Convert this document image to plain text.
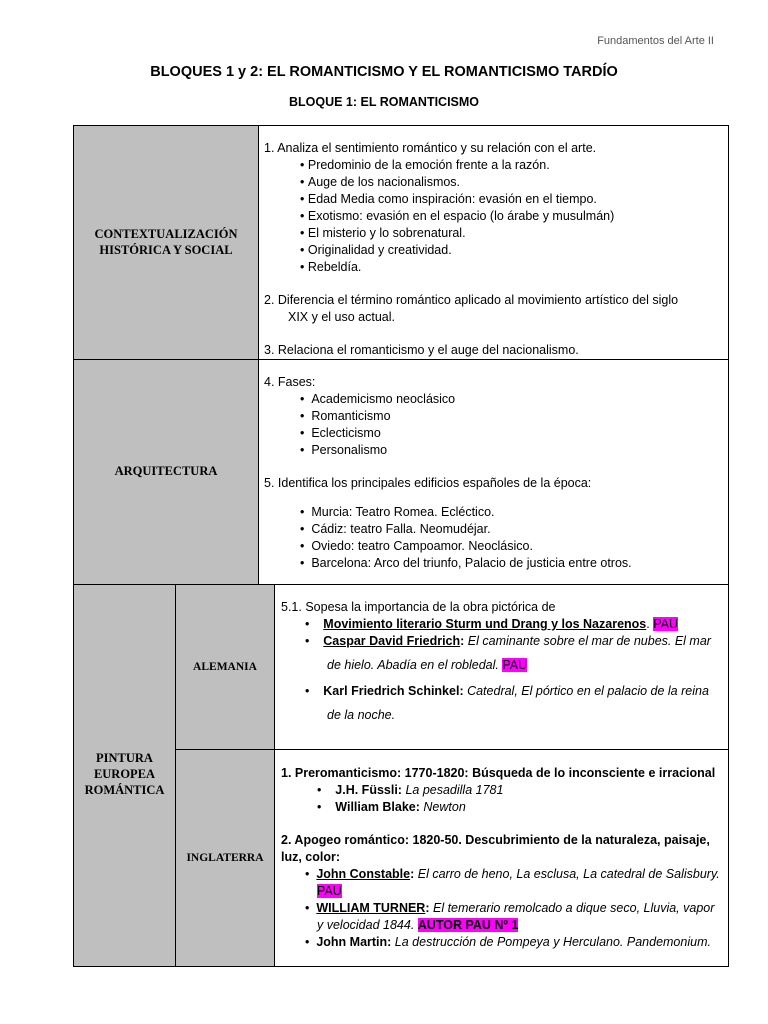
Fundamentos del Arte II
BLOQUES 1 y 2: EL ROMANTICISMO Y EL ROMANTICISMO TARDÍO
BLOQUE 1: EL ROMANTICISMO
CONTEXTUALIZACIÓN
HISTÓRICA Y SOCIAL
1. Analiza el sentimiento romántico y su relación con el arte.
• Predominio de la emoción frente a la razón.
• Auge de los nacionalismos.
• Edad Media como inspiración: evasión en el tiempo.
• Exotismo: evasión en el espacio (lo árabe y musulmán)
• El misterio y lo sobrenatural.
• Originalidad y creatividad.
• Rebeldía.
2. Diferencia el término romántico aplicado al movimiento artístico del siglo
XIX y el uso actual.
3. Relaciona el romanticismo y el auge del nacionalismo.
ARQUITECTURA
4. Fases:
•  Academicismo neoclásico
•  Romanticismo
•  Eclecticismo
•  Personalismo
5. Identifica los principales edificios españoles de la época:
•  Murcia: Teatro Romea. Ecléctico.
•  Cádiz: teatro Falla. Neomudéjar.
•  Oviedo: teatro Campoamor. Neoclásico.
•  Barcelona: Arco del triunfo, Palacio de justicia entre otros.
PINTURA
EUROPEA
ROMÁNTICA
ALEMANIA
5.1. Sopesa la importancia de la obra pictórica de
•    Movimiento literario Sturm und Drang y los Nazarenos. PAU
•    Caspar David Friedrich: El caminante sobre el mar de nubes. El mar
de hielo. Abadía en el robledal. PAU
•    Karl Friedrich Schinkel: Catedral, El pórtico en el palacio de la reina
de la noche.
INGLATERRA
1. Preromanticismo: 1770-1820: Búsqueda de lo inconsciente e irracional
•    J.H. Füssli: La pesadilla 1781
•    William Blake: Newton
2. Apogeo romántico: 1820-50. Descubrimiento de la naturaleza, paisaje,
luz, color:
•  John Constable: El carro de heno, La esclusa, La catedral de Salisbury.
PAU
•  WILLIAM TURNER: El temerario remolcado a dique seco, Lluvia, vapor
y velocidad 1844. AUTOR PAU Nº 1
•  John Martin: La destrucción de Pompeya y Herculano. Pandemonium.
